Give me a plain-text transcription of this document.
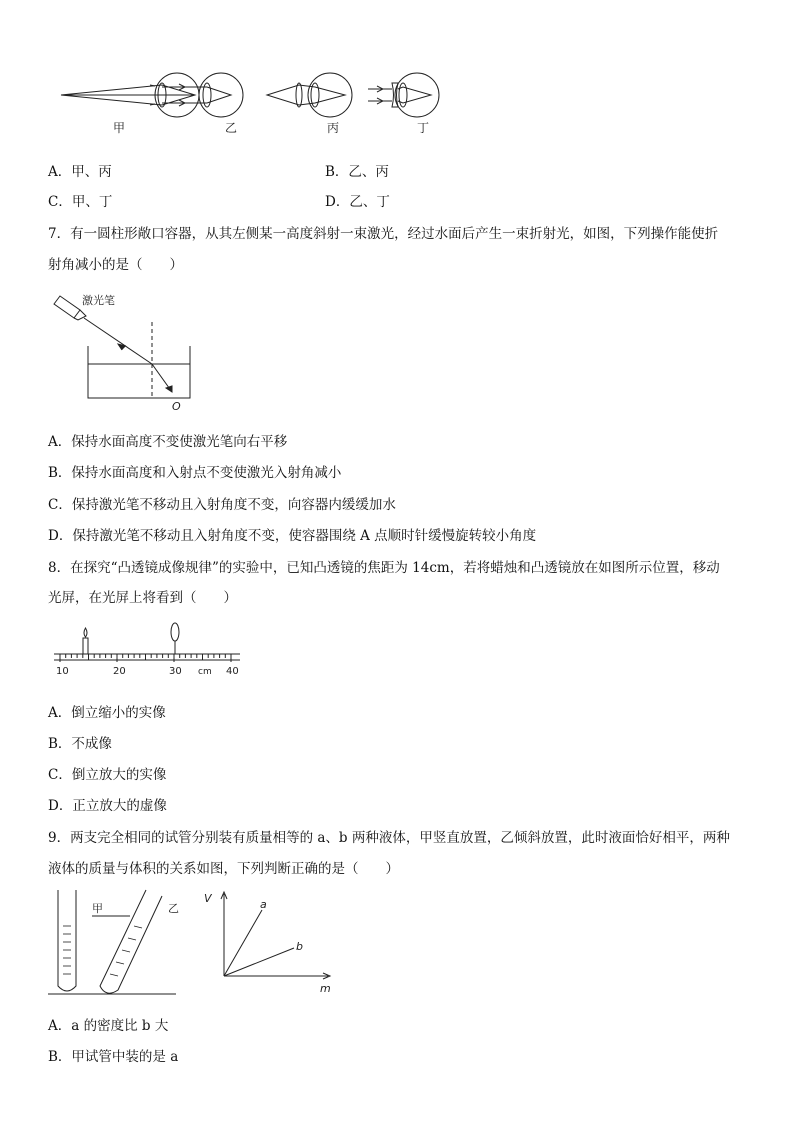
甲	乙	丙	丁
A．甲、丙	B．乙、丙
C．甲、丁	D．乙、丁
7．有一圆柱形敞口容器，从其左侧某一高度斜射一束激光，经过水面后产生一束折射光，如图，下列操作能使折
射角减小的是（　　）
激光笔
O
A．保持水面高度不变使激光笔向右平移
B．保持水面高度和入射点不变使激光入射角减小
C．保持激光笔不移动且入射角度不变，向容器内缓缓加水
D．保持激光笔不移动且入射角度不变，使容器围绕 A 点顺时针缓慢旋转较小角度
8．在探究“凸透镜成像规律”的实验中，已知凸透镜的焦距为 14cm，若将蜡烛和凸透镜放在如图所示位置，移动
光屏，在光屏上将看到（　　）
10	20	30 cm 40
A．倒立缩小的实像
B．不成像
C．倒立放大的实像
D．正立放大的虚像
9．两支完全相同的试管分别装有质量相等的 a、b 两种液体，甲竖直放置，乙倾斜放置，此时液面恰好相平，两种
液体的质量与体积的关系如图，下列判断正确的是（　　）
甲	乙
V
m
a
b
A．a 的密度比 b 大
B．甲试管中装的是 a
